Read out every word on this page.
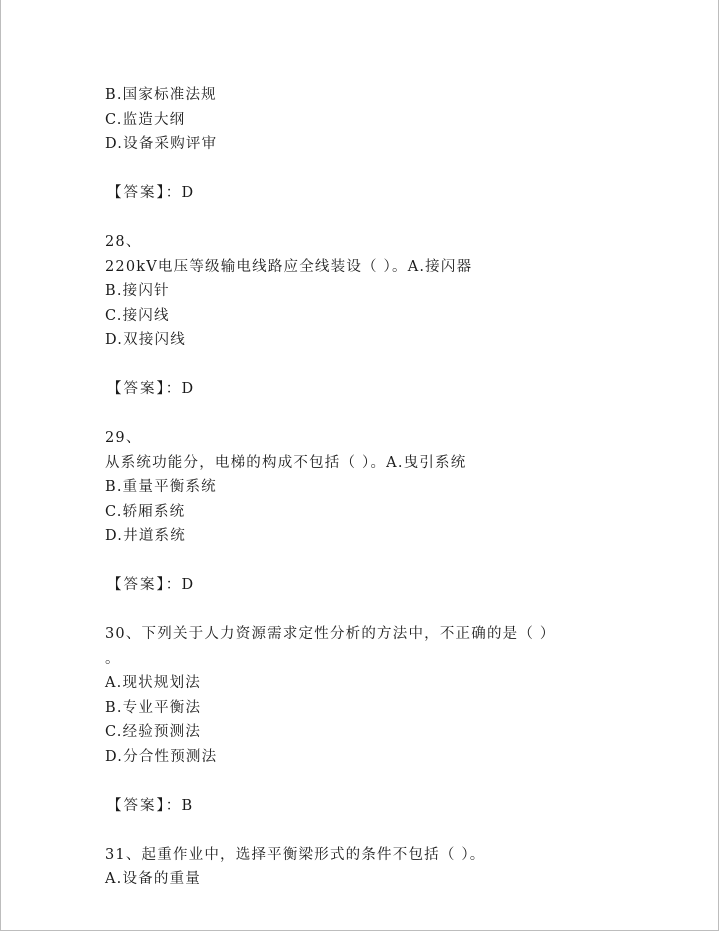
B.国家标准法规
C.监造大纲
D.设备采购评审
【答案】：D
28、
220kV电压等级输电线路应全线装设（ ）。A.接闪器
B.接闪针
C.接闪线
D.双接闪线
【答案】：D
29、
从系统功能分，电梯的构成不包括（ ）。A.曳引系统
B.重量平衡系统
C.轿厢系统
D.井道系统
【答案】：D
30、下列关于人力资源需求定性分析的方法中，不正确的是（ ）
。
A.现状规划法
B.专业平衡法
C.经验预测法
D.分合性预测法
【答案】：B
31、起重作业中，选择平衡梁形式的条件不包括（ ）。
A.设备的重量
